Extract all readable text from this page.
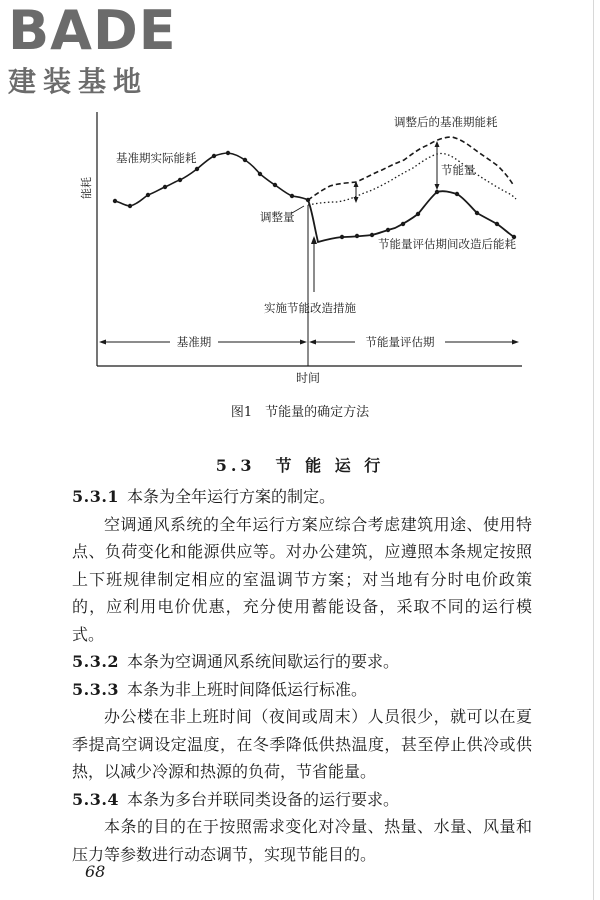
BADE
建装基地
能耗
时间
基准期实际能耗
调整后的基准期能耗
节能量
调整量
节能量评估期间改造后能耗
实施节能改造措施
基准期	节能量评估期
图1　节能量的确定方法
5.3　节 能 运 行
5.3.1 本条为全年运行方案的制定。
空调通风系统的全年运行方案应综合考虑建筑用途、使用特点、负荷变化和能源供应等。对办公建筑，应遵照本条规定按照上下班规律制定相应的室温调节方案；对当地有分时电价政策的，应利用电价优惠，充分使用蓄能设备，采取不同的运行模式。
5.3.2 本条为空调通风系统间歇运行的要求。
5.3.3 本条为非上班时间降低运行标准。
办公楼在非上班时间（夜间或周末）人员很少，就可以在夏季提高空调设定温度，在冬季降低供热温度，甚至停止供冷或供热，以减少冷源和热源的负荷，节省能量。
5.3.4 本条为多台并联同类设备的运行要求。
本条的目的在于按照需求变化对冷量、热量、水量、风量和压力等参数进行动态调节，实现节能目的。
68
